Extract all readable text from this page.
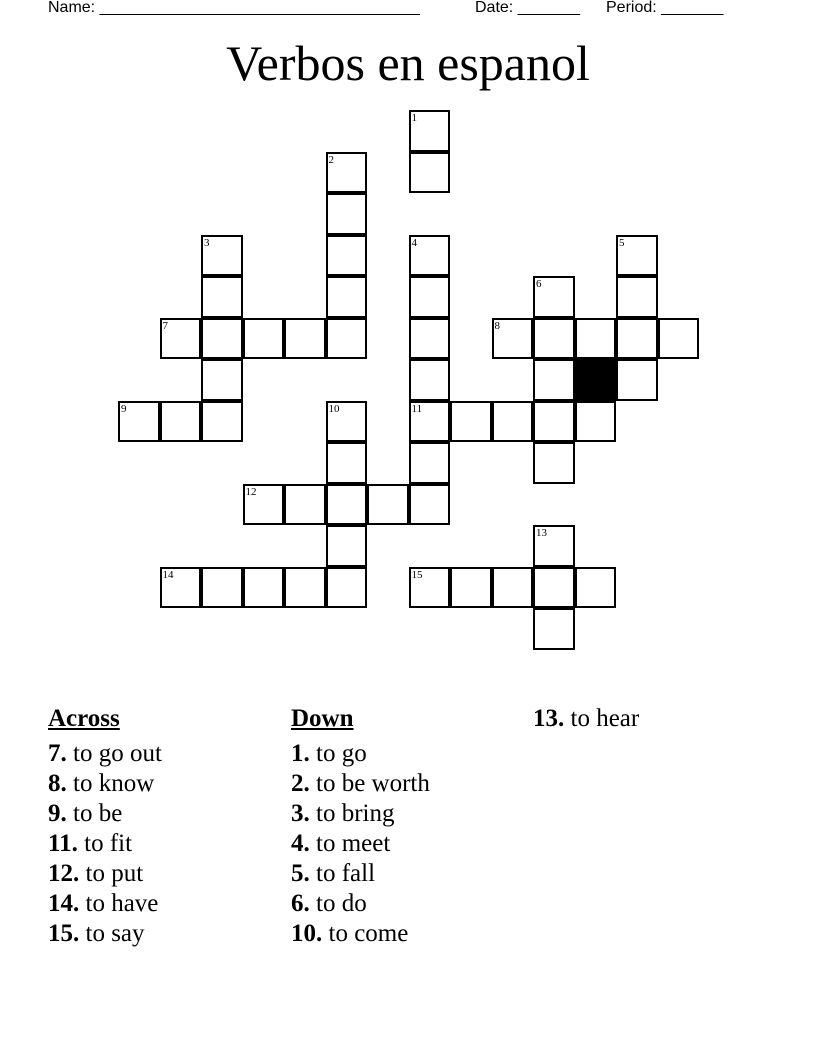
Name: ____________________________________	Date: _______ Period: _______
Verbos en espanol
1
2
3	4	5
6
7	8
9	10	11
12
13
14	15
Across
7. to go out
8. to know
9. to be
11. to fit
12. to put
14. to have
15. to say
Down
1. to go
2. to be worth
3. to bring
4. to meet
5. to fall
6. to do
10. to come
13. to hear
